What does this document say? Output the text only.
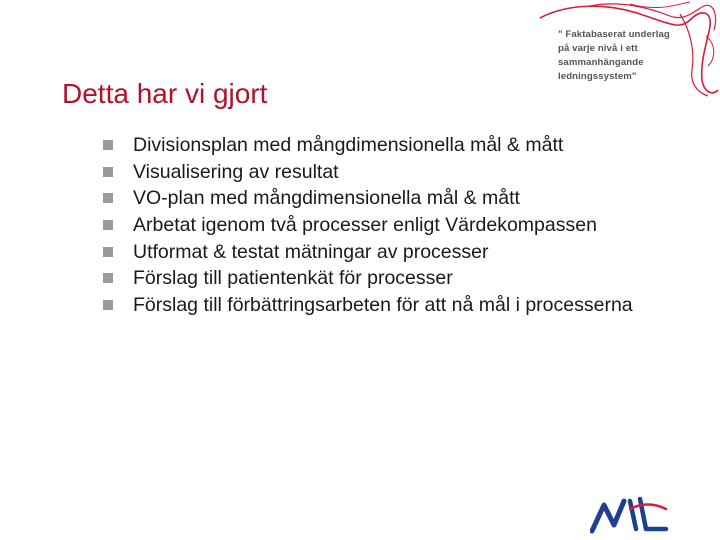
" Faktabaserat underlag
på varje nivå i ett
sammanhängande
ledningssystem"
Detta har vi gjort
Divisionsplan med mångdimensionella mål & mått
Visualisering av resultat
VO-plan med mångdimensionella mål & mått
Arbetat igenom två processer enligt Värdekompassen
Utformat & testat mätningar av processer
Förslag till patientenkät för processer
Förslag till förbättringsarbeten för att nå mål i processerna
